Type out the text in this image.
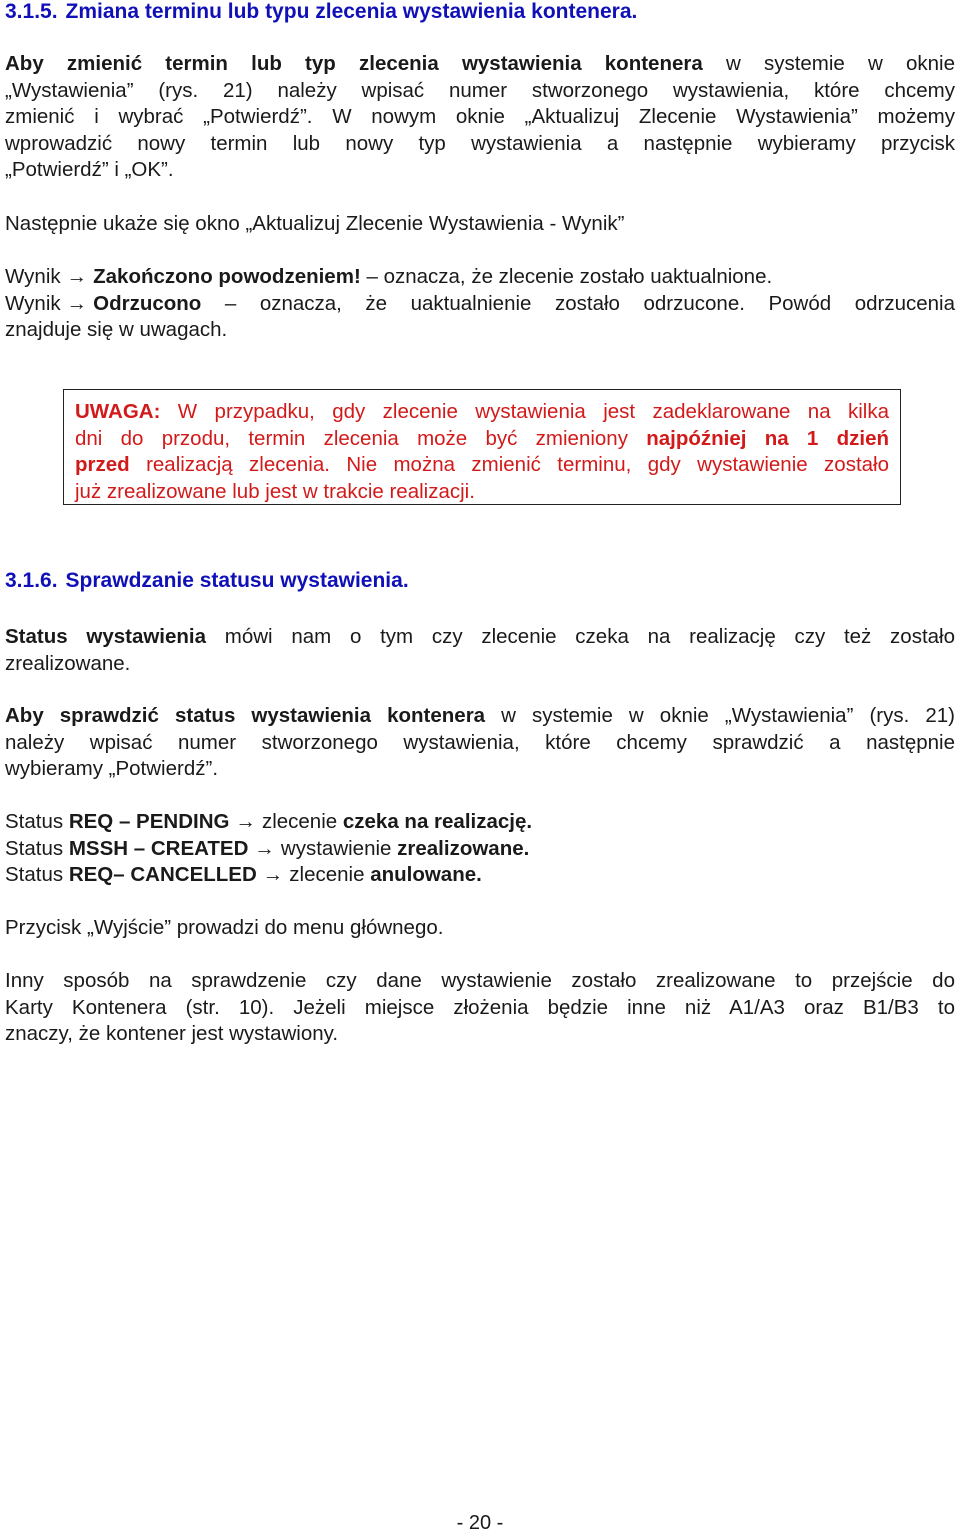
3.1.5. Zmiana terminu lub typu zlecenia wystawienia kontenera.
Aby zmienić termin lub typ zlecenia wystawienia kontenera w systemie w oknie
„Wystawienia” (rys. 21) należy wpisać numer stworzonego wystawienia, które chcemy
zmienić i wybrać „Potwierdź”. W nowym oknie „Aktualizuj Zlecenie Wystawienia” możemy
wprowadzić nowy termin lub nowy typ wystawienia a następnie wybieramy przycisk
„Potwierdź” i „OK”.
Następnie ukaże się okno „Aktualizuj Zlecenie Wystawienia - Wynik”
Wynik → Zakończono powodzeniem! – oznacza, że zlecenie zostało uaktualnione.
Wynik → Odrzucono – oznacza, że uaktualnienie zostało odrzucone. Powód odrzucenia
znajduje się w uwagach.
UWAGA: W przypadku, gdy zlecenie wystawienia jest zadeklarowane na kilka
dni do przodu, termin zlecenia może być zmieniony najpóźniej na 1 dzień
przed realizacją zlecenia. Nie można zmienić terminu, gdy wystawienie zostało
już zrealizowane lub jest w trakcie realizacji.
3.1.6. Sprawdzanie statusu wystawienia.
Status wystawienia mówi nam o tym czy zlecenie czeka na realizację czy też zostało
zrealizowane.
Aby sprawdzić status wystawienia kontenera w systemie w oknie „Wystawienia” (rys. 21)
należy wpisać numer stworzonego wystawienia, które chcemy sprawdzić a następnie
wybieramy „Potwierdź”.
Status REQ – PENDING → zlecenie czeka na realizację.
Status MSSH – CREATED → wystawienie zrealizowane.
Status REQ– CANCELLED → zlecenie anulowane.
Przycisk „Wyjście” prowadzi do menu głównego.
Inny sposób na sprawdzenie czy dane wystawienie zostało zrealizowane to przejście do
Karty Kontenera (str. 10). Jeżeli miejsce złożenia będzie inne niż A1/A3 oraz B1/B3 to
znaczy, że kontener jest wystawiony.
- 20 -
